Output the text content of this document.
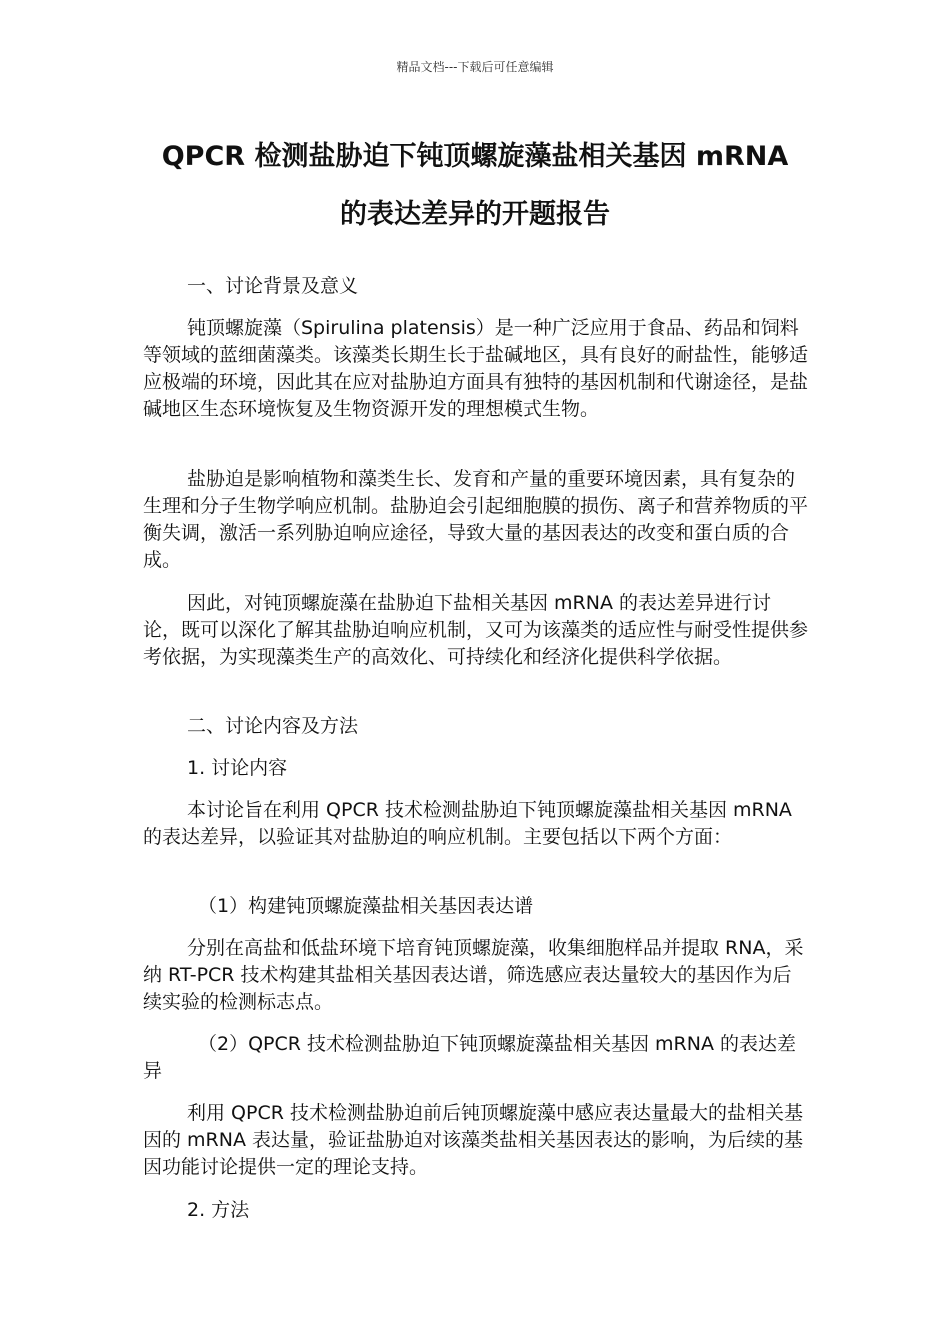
精品文档---下载后可任意编辑
QPCR 检测盐胁迫下钝顶螺旋藻盐相关基因 mRNA
的表达差异的开题报告
一、讨论背景及意义
钝顶螺旋藻（Spirulina platensis）是一种广泛应用于食品、药品和饲料等领域的蓝细菌藻类。该藻类长期生长于盐碱地区，具有良好的耐盐性，能够适应极端的环境，因此其在应对盐胁迫方面具有独特的基因机制和代谢途径，是盐碱地区生态环境恢复及生物资源开发的理想模式生物。
盐胁迫是影响植物和藻类生长、发育和产量的重要环境因素，具有复杂的生理和分子生物学响应机制。盐胁迫会引起细胞膜的损伤、离子和营养物质的平衡失调，激活一系列胁迫响应途径，导致大量的基因表达的改变和蛋白质的合成。
因此，对钝顶螺旋藻在盐胁迫下盐相关基因 mRNA 的表达差异进行讨论，既可以深化了解其盐胁迫响应机制，又可为该藻类的适应性与耐受性提供参考依据，为实现藻类生产的高效化、可持续化和经济化提供科学依据。
二、讨论内容及方法
1. 讨论内容
本讨论旨在利用 QPCR 技术检测盐胁迫下钝顶螺旋藻盐相关基因 mRNA 的表达差异，以验证其对盐胁迫的响应机制。主要包括以下两个方面：
（1）构建钝顶螺旋藻盐相关基因表达谱
分别在高盐和低盐环境下培育钝顶螺旋藻，收集细胞样品并提取 RNA，采纳 RT-PCR 技术构建其盐相关基因表达谱，筛选感应表达量较大的基因作为后续实验的检测标志点。
（2）QPCR 技术检测盐胁迫下钝顶螺旋藻盐相关基因 mRNA 的表达差异
利用 QPCR 技术检测盐胁迫前后钝顶螺旋藻中感应表达量最大的盐相关基因的 mRNA 表达量，验证盐胁迫对该藻类盐相关基因表达的影响，为后续的基因功能讨论提供一定的理论支持。
2. 方法
